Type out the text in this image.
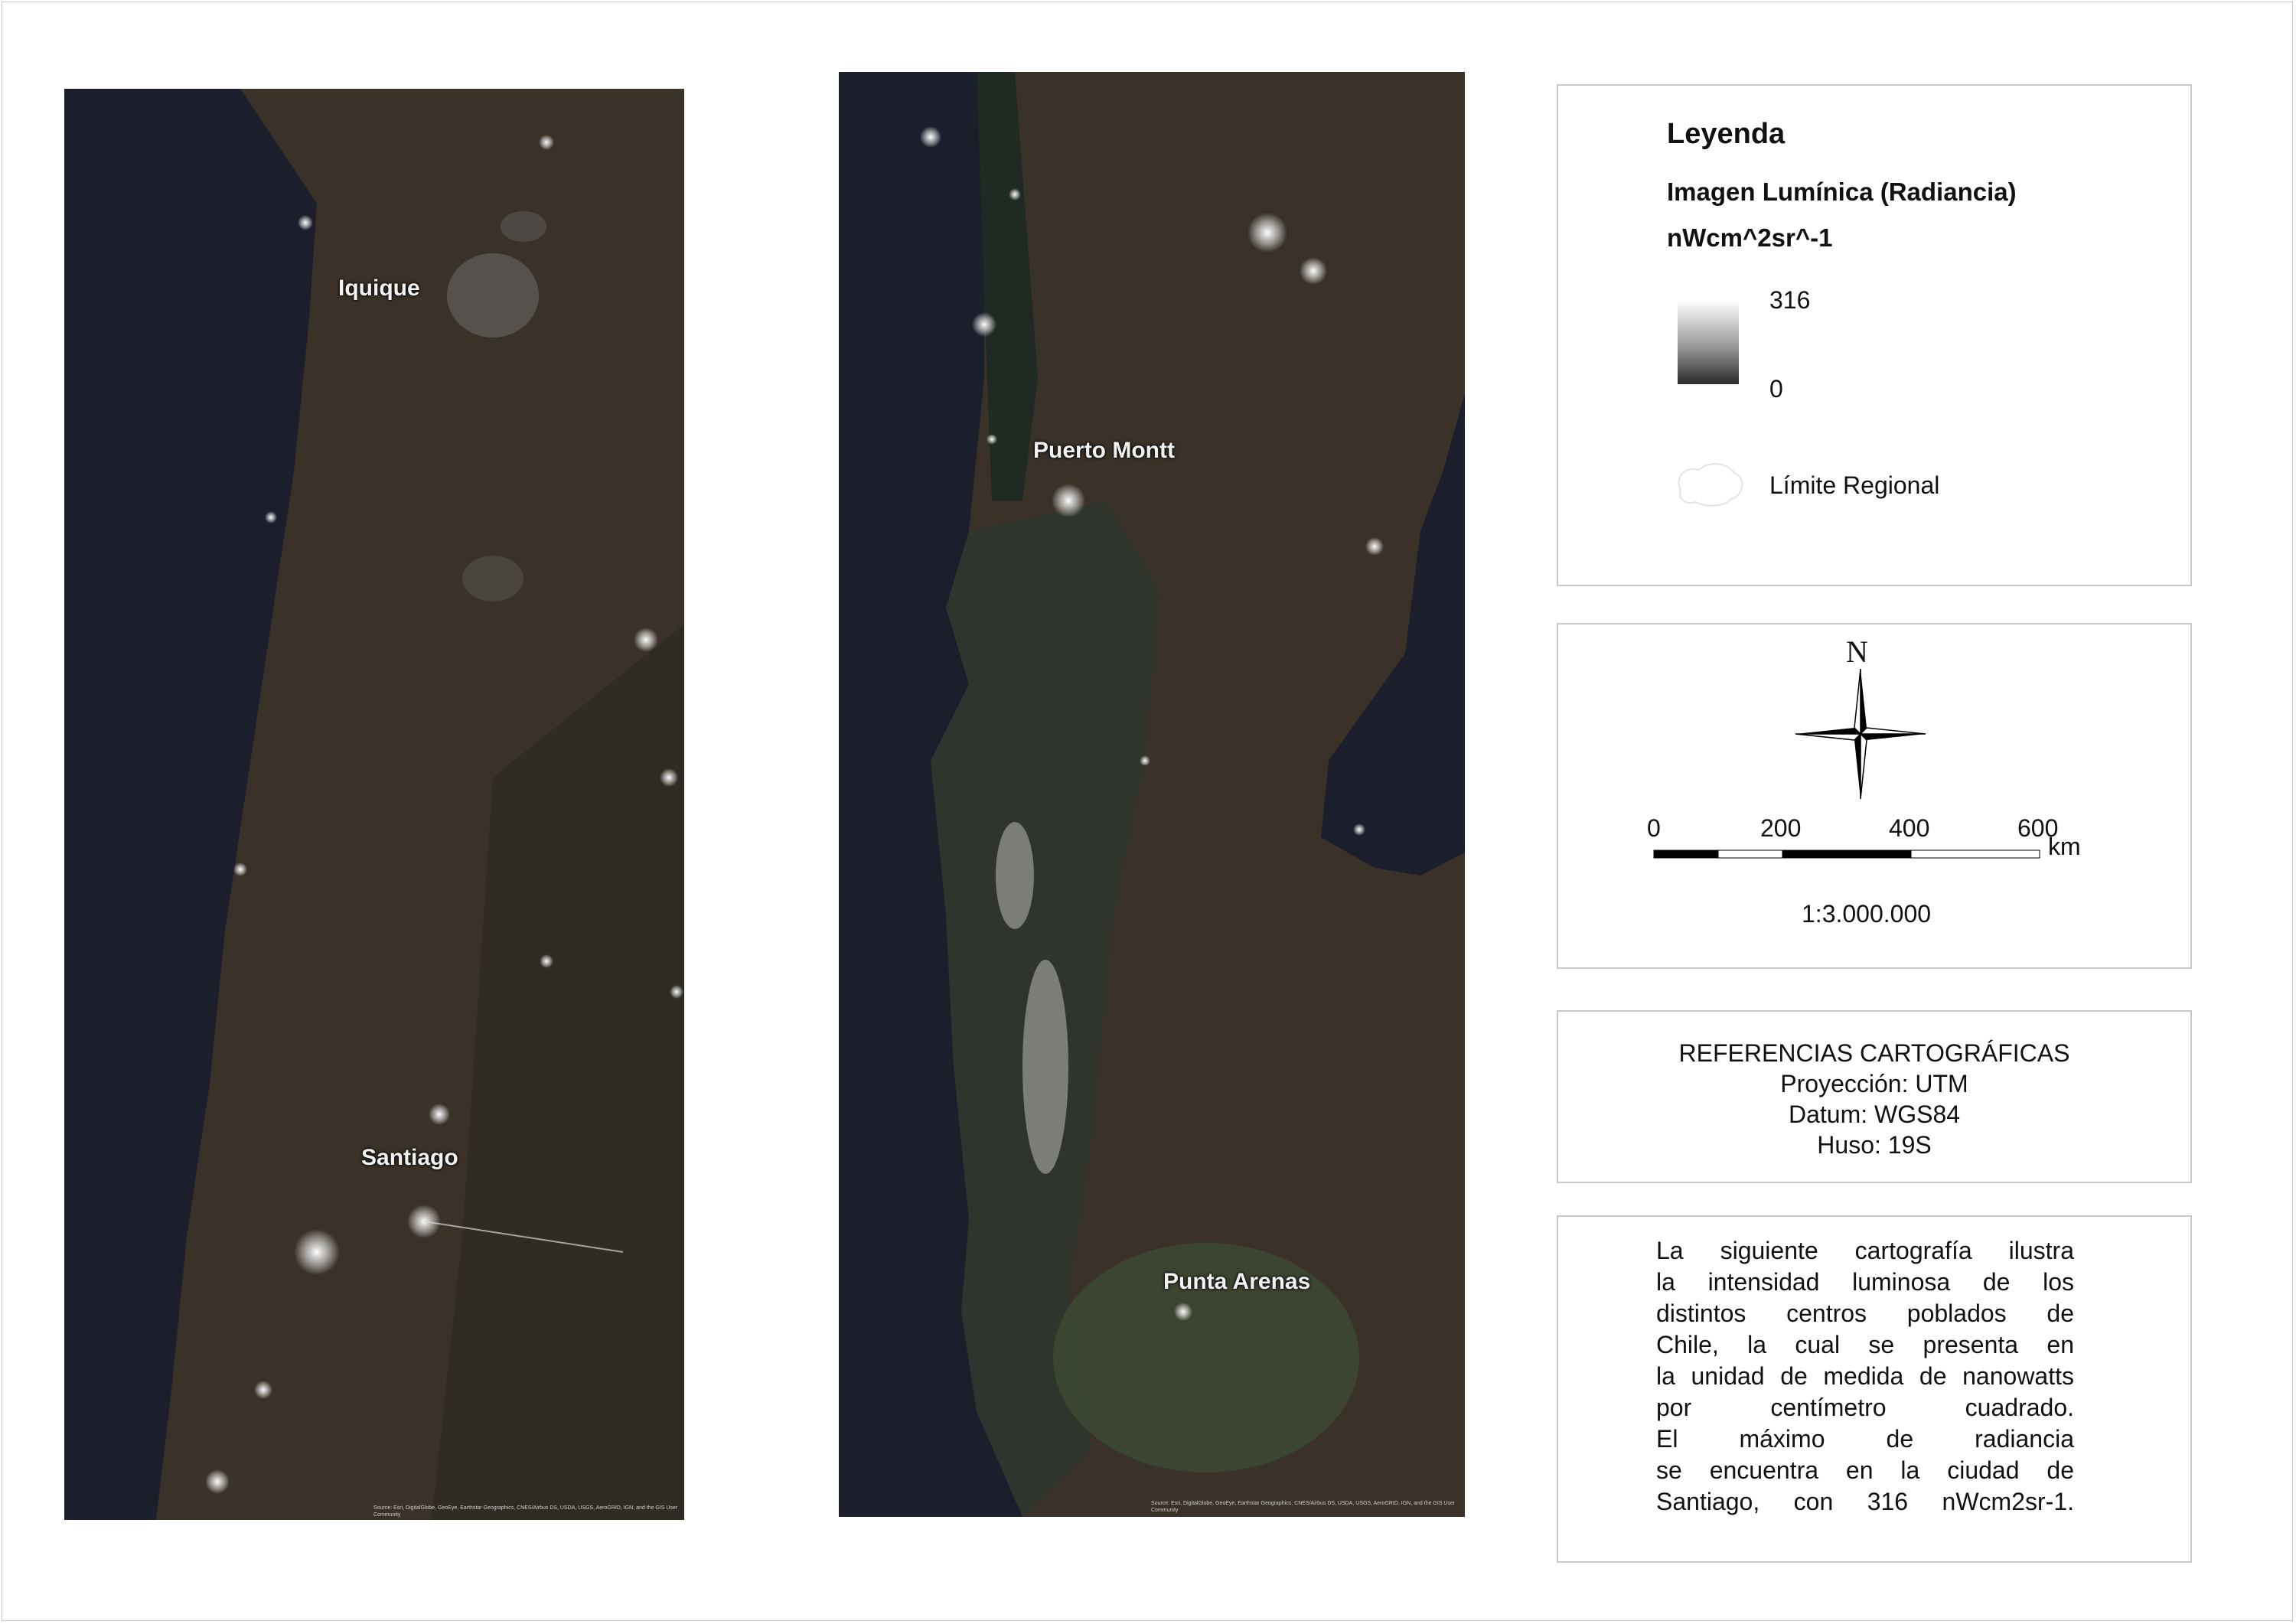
Iquique
Santiago
Source: Esri, DigitalGlobe, GeoEye, Earthstar Geographics, CNES/Airbus DS, USDA, USGS, AeroGRID, IGN, and the GIS User Community
Puerto Montt
Punta Arenas
Source: Esri, DigitalGlobe, GeoEye, Earthstar Geographics, CNES/Airbus DS, USDA, USGS, AeroGRID, IGN, and the GIS User Community
Leyenda
Imagen Lumínica (Radiancia)
nWcm^2sr^-1
316
0
Límite Regional
N
0	200	400	600
km
1:3.000.000
REFERENCIAS CARTOGRÁFICAS
Proyección: UTM
Datum: WGS84
Huso: 19S
La siguiente cartografía ilustra
la intensidad luminosa de los
distintos centros poblados de
Chile, la cual se presenta en
la unidad de medida de nanowatts
por centímetro cuadrado.
El máximo de radiancia
se encuentra en la ciudad de
Santiago, con 316 nWcm2sr-1.
